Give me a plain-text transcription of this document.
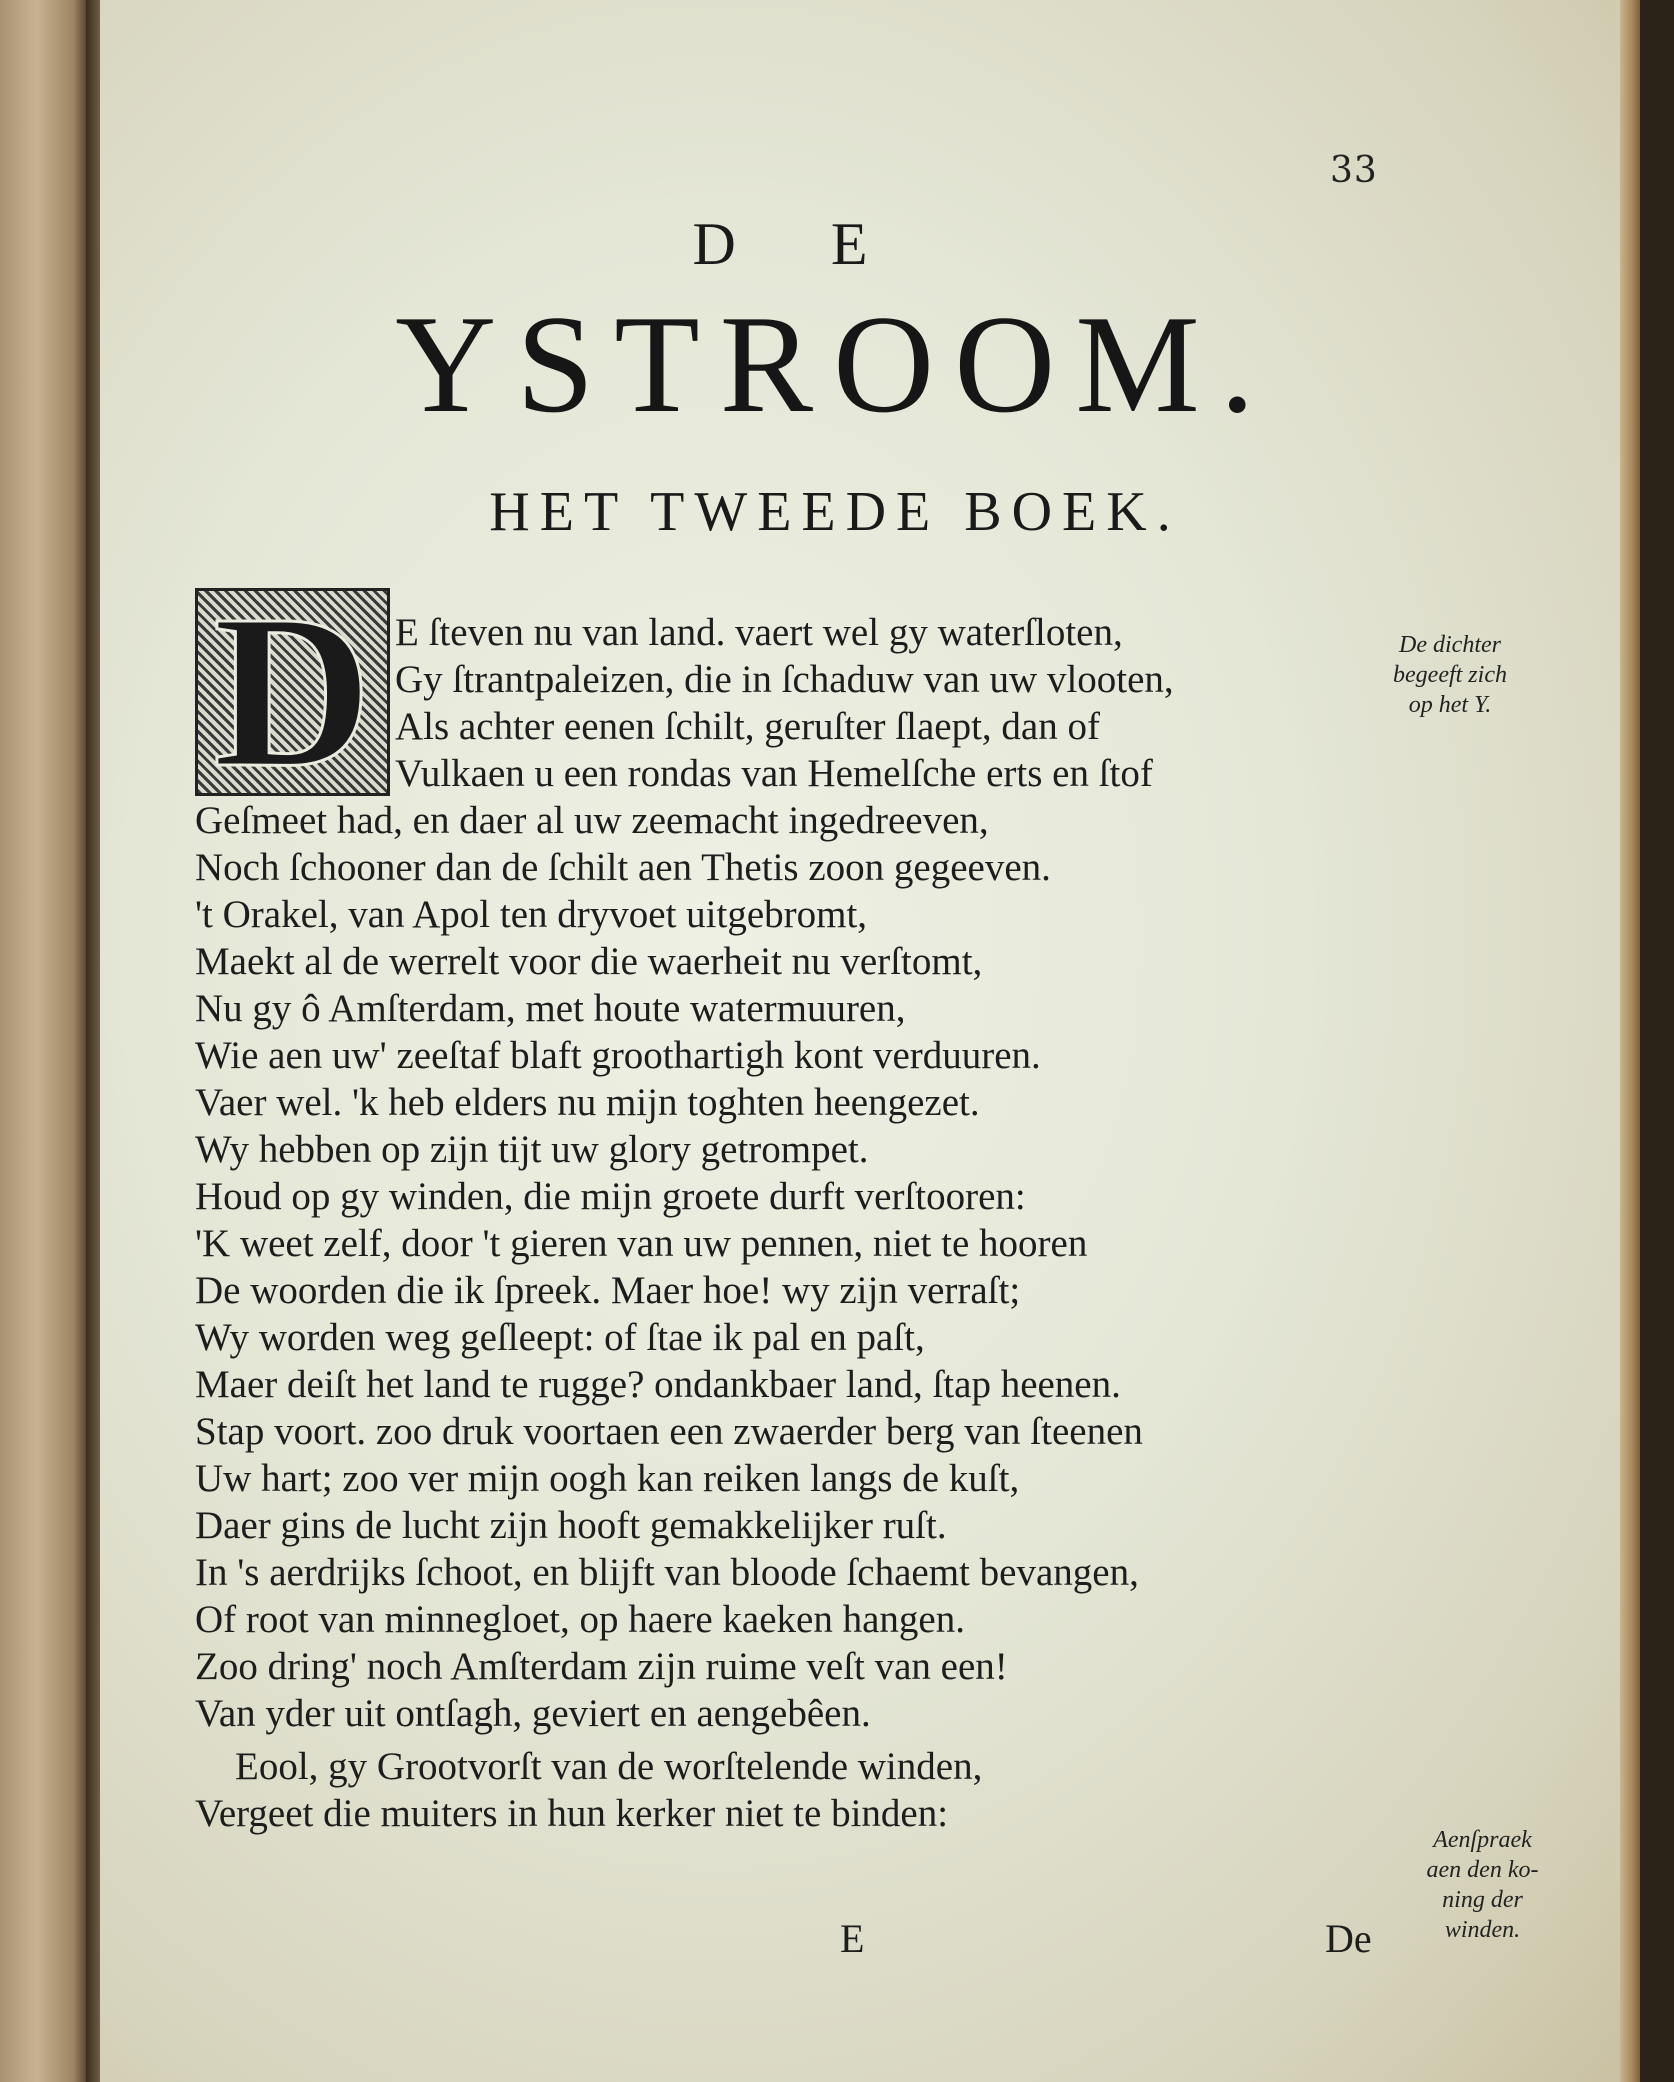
33
D E
YSTROOM.
HET TWEEDE BOEK.
D E ſteven nu van land. vaert wel gy waterſloten,
Gy ſtrantpaleizen, die in ſchaduw van uw vlooten,
Als achter eenen ſchilt, geruſter ſlaept, dan of
Vulkaen u een rondas van Hemelſche erts en ſtof
Geſmeet had, en daer al uw zeemacht ingedreeven,
Noch ſchooner dan de ſchilt aen Thetis zoon gegeeven.
't Orakel, van Apol ten dryvoet uitgebromt,
Maekt al de werrelt voor die waerheit nu verſtomt,
Nu gy ô Amſterdam, met houte watermuuren,
Wie aen uw' zeeſtaf blaft groothartigh kont verduuren.
Vaer wel. 'k heb elders nu mijn toghten heengezet.
Wy hebben op zijn tijt uw glory getrompet.
Houd op gy winden, die mijn groete durft verſtooren:
'K weet zelf, door 't gieren van uw pennen, niet te hooren
De woorden die ik ſpreek. Maer hoe! wy zijn verraſt;
Wy worden weg geſleept: of ſtae ik pal en paſt,
Maer deiſt het land te rugge? ondankbaer land, ſtap heenen.
Stap voort. zoo druk voortaen een zwaerder berg van ſteenen
Uw hart; zoo ver mijn oogh kan reiken langs de kuſt,
Daer gins de lucht zijn hooft gemakkelijker ruſt.
In 's aerdrijks ſchoot, en blijft van bloode ſchaemt bevangen,
Of root van minnegloet, op haere kaeken hangen.
Zoo dring' noch Amſterdam zijn ruime veſt van een!
Van yder uit ontſagh, geviert en aengebêen.
Eool, gy Grootvorſt van de worſtelende winden,
Vergeet die muiters in hun kerker niet te binden:
De dichter
begeeft zich
op het Y.
Aenſpraek
aen den ko-
ning der
winden.
E	De
